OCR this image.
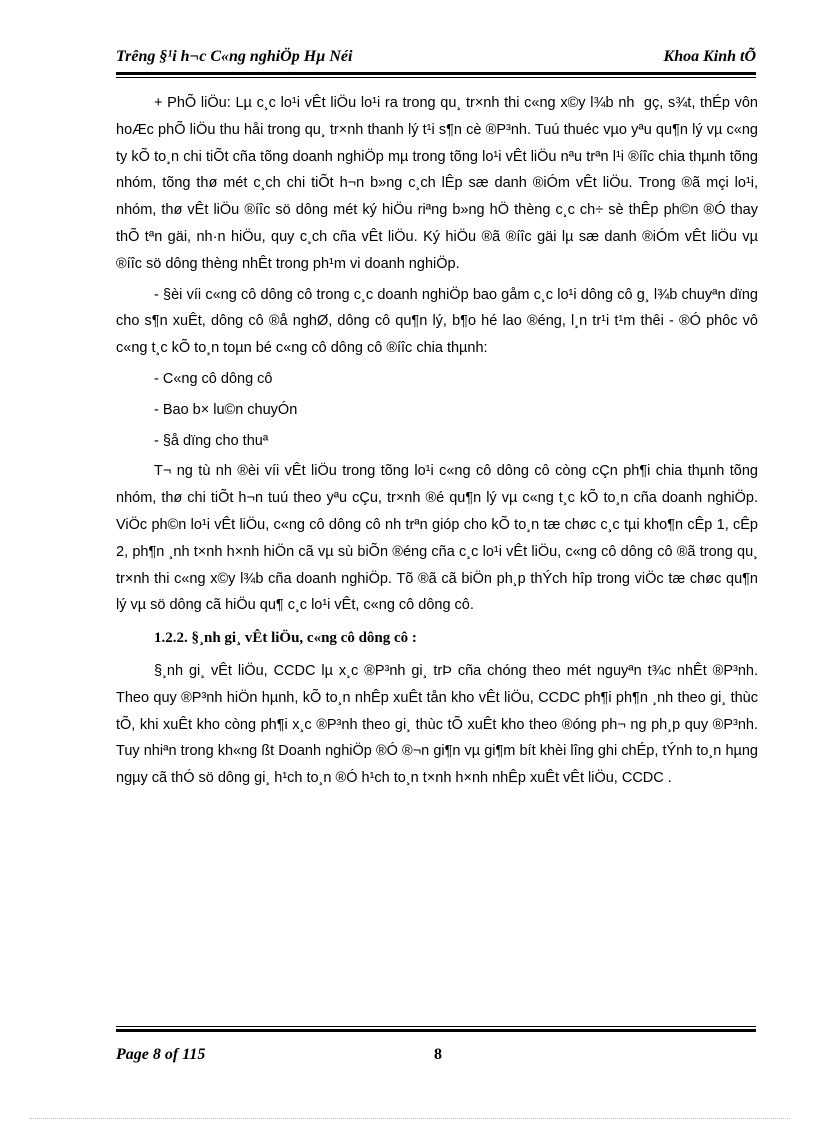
Trêng §¹i h¬c C«ng nghiÖp Hµ Néi	Khoa Kinh tÕ

+ PhÕ liÖu: Lµ c¸c lo¹i vÊt liÖu lo¹i ra trong qu¸ tr×nh thi c«ng x©y l¾b nh  gç, s¾t, thÉp vôn hoÆc phÕ liÖu thu håi trong qu¸ tr×nh thanh lý t¹i s¶n cè ®P³nh. Tuú thuéc vµo yªu qu¶n lý vµ c«ng ty kÕ to¸n chi tiÕt cña tõng doanh nghiÖp mµ trong tõng lo¹i vÊt liÖu nªu trªn l¹i ®íîc chia thµnh tõng nhóm, tõng thø mét c¸ch chi tiÕt h¬n b»ng c¸ch lÊp sæ danh ®iÓm vÊt liÖu. Trong ®ã mçi lo¹i, nhóm, thø vÊt liÖu ®íîc sö dông mét ký hiÖu riªng b»ng hÖ thèng c¸c ch÷ sè thÊp ph©n ®Ó thay thÕ tªn gäi, nh·n hiÖu, quy c¸ch cña vÊt liÖu. Ký hiÖu ®ã ®íîc gäi lµ sæ danh ®iÓm vÊt liÖu vµ ®íîc sö dông thèng nhÊt trong ph¹m vi doanh nghiÖp.

- §èi víi c«ng cô dông cô trong c¸c doanh nghiÖp bao gåm c¸c lo¹i dông cô g¸ l¾b chuyªn dïng cho s¶n xuÊt, dông cô ®å nghØ, dông cô qu¶n lý, b¶o hé lao ®éng, l¸n tr¹i t¹m thêi - ®Ó phôc vô c«ng t¸c kÕ to¸n toµn bé c«ng cô dông cô ®íîc chia thµnh:

- C«ng cô dông cô

- Bao b× lu©n chuyÓn

- §å dïng cho thuª

T¬ ng tù nh ®èi víi vÊt liÖu trong tõng lo¹i c«ng cô dông cô còng cÇn ph¶i chia thµnh tõng nhóm, thø chi tiÕt h¬n tuú theo yªu cÇu, tr×nh ®é qu¶n lý vµ c«ng t¸c kÕ to¸n cña doanh nghiÖp. ViÖc ph©n lo¹i vÊt liÖu, c«ng cô dông cô nh trªn gióp cho kÕ to¸n tæ chøc c¸c tµi kho¶n cÊp 1, cÊp 2, ph¶n ¸nh t×nh h×nh hiÖn cã vµ sù biÕn ®éng cña c¸c lo¹i vÊt liÖu, c«ng cô dông cô ®ã trong qu¸ tr×nh thi c«ng x©y l¾b cña doanh nghiÖp. Tõ ®ã cã biÖn ph¸p thÝch hîp trong viÖc tæ chøc qu¶n lý vµ sö dông cã hiÖu qu¶ c¸c lo¹i vÊt, c«ng cô dông cô.

1.2.2. §¸nh gi¸ vÊt liÖu, c«ng cô dông cô :

§¸nh gi¸ vÊt liÖu, CCDC lµ x¸c ®P³nh gi¸ trÞ cña chóng theo mét nguyªn t¾c nhÊt ®P³nh. Theo quy ®P³nh hiÖn hµnh, kÕ to¸n nhÊp xuÊt tån kho vÊt liÖu, CCDC ph¶i ph¶n ¸nh theo gi¸ thùc tÕ, khi xuÊt kho còng ph¶i x¸c ®P³nh theo gi¸ thùc tÕ xuÊt kho theo ®óng ph¬ ng ph¸p quy ®P³nh. Tuy nhiªn trong kh«ng ßt Doanh nghiÖp ®Ó ®¬n gi¶n vµ gi¶m bít khèi lîng ghi chÉp, tÝnh to¸n hµng ngµy cã thÓ sö dông gi¸ h¹ch to¸n ®Ó h¹ch to¸n t×nh h×nh nhÊp xuÊt vÊt liÖu, CCDC .

Page 8 of 115	8
